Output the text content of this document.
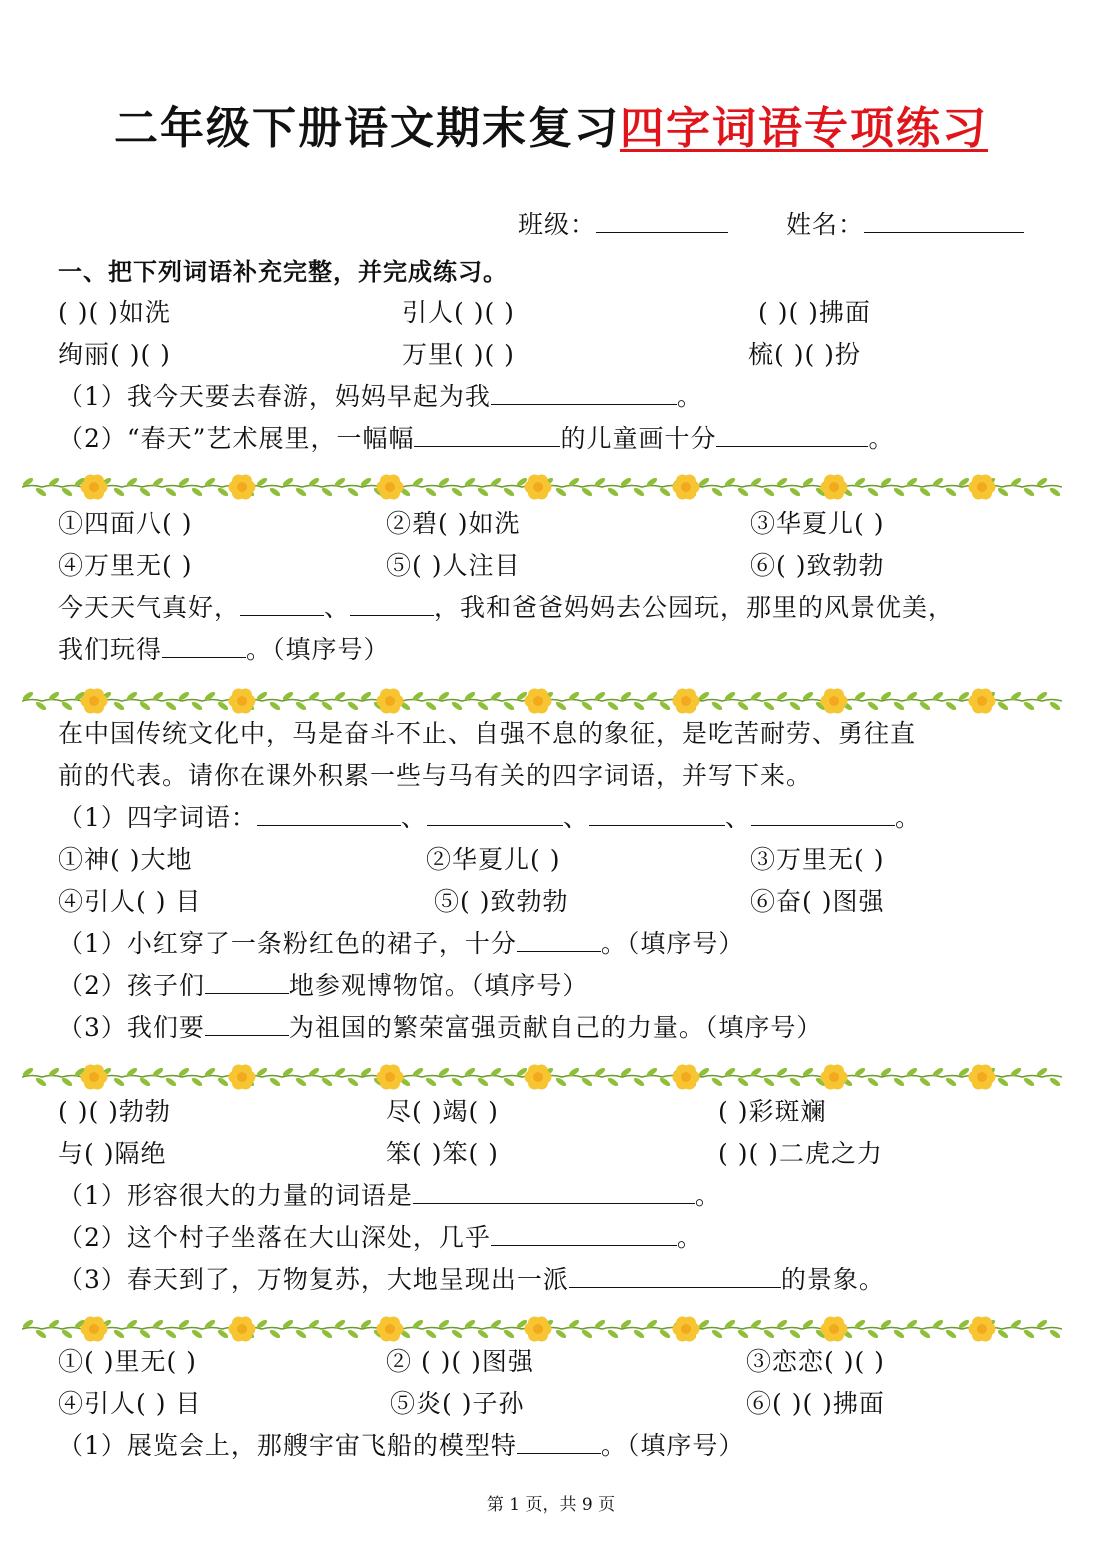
二年级下册语文期末复习四字词语专项练习
班级：	姓名：
一、把下列词语补充完整，并完成练习。
( )( )如洗	引人( )( )	( )( )拂面
绚丽( )( )	万里( )( )	梳( )( )扮
（1）我今天要去春游，妈妈早起为我	。
（2）“春天”艺术展里，一幅幅	的儿童画十分	。
①四面八( )	②碧( )如洗	③华夏儿( )
④万里无( )	⑤( )人注目	⑥( )致勃勃
今天天气真好，	、	，我和爸爸妈妈去公园玩，那里的风景优美，
我们玩得	。（填序号）
在中国传统文化中，马是奋斗不止、自强不息的象征，是吃苦耐劳、勇往直
前的代表。请你在课外积累一些与马有关的四字词语，并写下来。
（1）四字词语：	、	、	、	。
①神( )大地	②华夏儿( )	③万里无( )
④引人( ) 目	⑤( )致勃勃	⑥奋( )图强
（1）小红穿了一条粉红色的裙子，十分	。（填序号）
（2）孩子们	地参观博物馆。（填序号）
（3）我们要	为祖国的繁荣富强贡献自己的力量。（填序号）
( )( )勃勃	尽( )竭( )	( )彩斑斓
与( )隔绝	笨( )笨( )	( )( )二虎之力
（1）形容很大的力量的词语是	。
（2）这个村子坐落在大山深处，几乎	。
（3）春天到了，万物复苏，大地呈现出一派	的景象。
①( )里无( )	② ( )( )图强	③恋恋( )( )
④引人( ) 目	⑤炎( )子孙	⑥( )( )拂面
（1）展览会上，那艘宇宙飞船的模型特	。（填序号）
第 1 页，共 9 页
